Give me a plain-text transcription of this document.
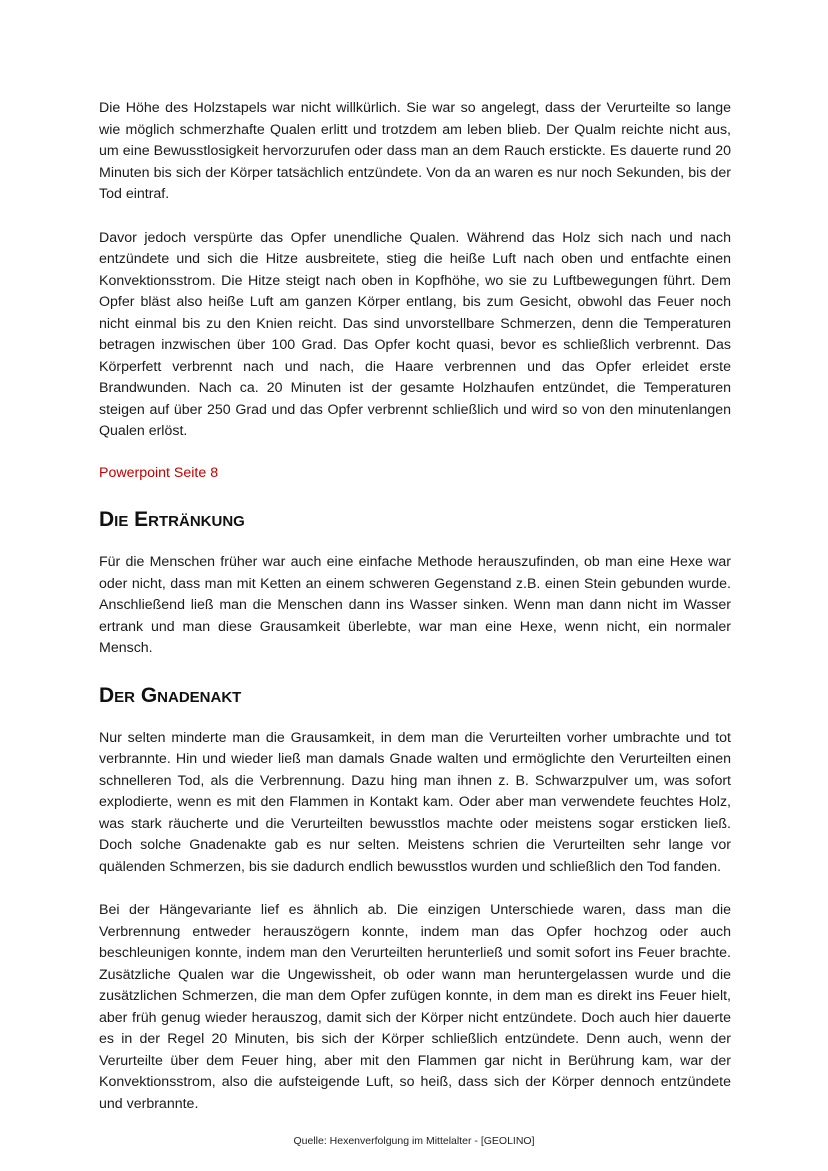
Die Höhe des Holzstapels war nicht willkürlich. Sie war so angelegt, dass der Verurteilte so lange wie möglich schmerzhafte Qualen erlitt und trotzdem am leben blieb. Der Qualm reichte nicht aus, um eine Bewusstlosigkeit hervorzurufen oder dass man an dem Rauch erstickte. Es dauerte rund 20 Minuten bis sich der Körper tatsächlich entzündete. Von da an waren es nur noch Sekunden, bis der Tod eintraf.

Davor jedoch verspürte das Opfer unendliche Qualen. Während das Holz sich nach und nach entzündete und sich die Hitze ausbreitete, stieg die heiße Luft nach oben und entfachte einen Konvektionsstrom. Die Hitze steigt nach oben in Kopfhöhe, wo sie zu Luftbewegungen führt. Dem Opfer bläst also heiße Luft am ganzen Körper entlang, bis zum Gesicht, obwohl das Feuer noch nicht einmal bis zu den Knien reicht. Das sind unvorstellbare Schmerzen, denn die Temperaturen betragen inzwischen über 100 Grad. Das Opfer kocht quasi, bevor es schließlich verbrennt. Das Körperfett verbrennt nach und nach, die Haare verbrennen und das Opfer erleidet erste Brandwunden. Nach ca. 20 Minuten ist der gesamte Holzhaufen entzündet, die Temperaturen steigen auf über 250 Grad und das Opfer verbrennt schließlich und wird so von den minutenlangen Qualen erlöst.

Powerpoint Seite 8

Die Ertränkung

Für die Menschen früher war auch eine einfache Methode herauszufinden, ob man eine Hexe war oder nicht, dass man mit Ketten an einem schweren Gegenstand z.B. einen Stein gebunden wurde. Anschließend ließ man die Menschen dann ins Wasser sinken. Wenn man dann nicht im Wasser ertrank und man diese Grausamkeit überlebte, war man eine Hexe, wenn nicht, ein normaler Mensch.

Der Gnadenakt

Nur selten minderte man die Grausamkeit, in dem man die Verurteilten vorher umbrachte und tot verbrannte. Hin und wieder ließ man damals Gnade walten und ermöglichte den Verurteilten einen schnelleren Tod, als die Verbrennung. Dazu hing man ihnen z. B. Schwarzpulver um, was sofort explodierte, wenn es mit den Flammen in Kontakt kam. Oder aber man verwendete feuchtes Holz, was stark räucherte und die Verurteilten bewusstlos machte oder meistens sogar ersticken ließ. Doch solche Gnadenakte gab es nur selten. Meistens schrien die Verurteilten sehr lange vor quälenden Schmerzen, bis sie dadurch endlich bewusstlos wurden und schließlich den Tod fanden.

Bei der Hängevariante lief es ähnlich ab. Die einzigen Unterschiede waren, dass man die Verbrennung entweder herauszögern konnte, indem man das Opfer hochzog oder auch beschleunigen konnte, indem man den Verurteilten herunterließ und somit sofort ins Feuer brachte. Zusätzliche Qualen war die Ungewissheit, ob oder wann man heruntergelassen wurde und die zusätzlichen Schmerzen, die man dem Opfer zufügen konnte, in dem man es direkt ins Feuer hielt, aber früh genug wieder herauszog, damit sich der Körper nicht entzündete. Doch auch hier dauerte es in der Regel 20 Minuten, bis sich der Körper schließlich entzündete. Denn auch, wenn der Verurteilte über dem Feuer hing, aber mit den Flammen gar nicht in Berührung kam, war der Konvektionsstrom, also die aufsteigende Luft, so heiß, dass sich der Körper dennoch entzündete und verbrannte.

Quelle: Hexenverfolgung im Mittelalter - [GEOLINO]
